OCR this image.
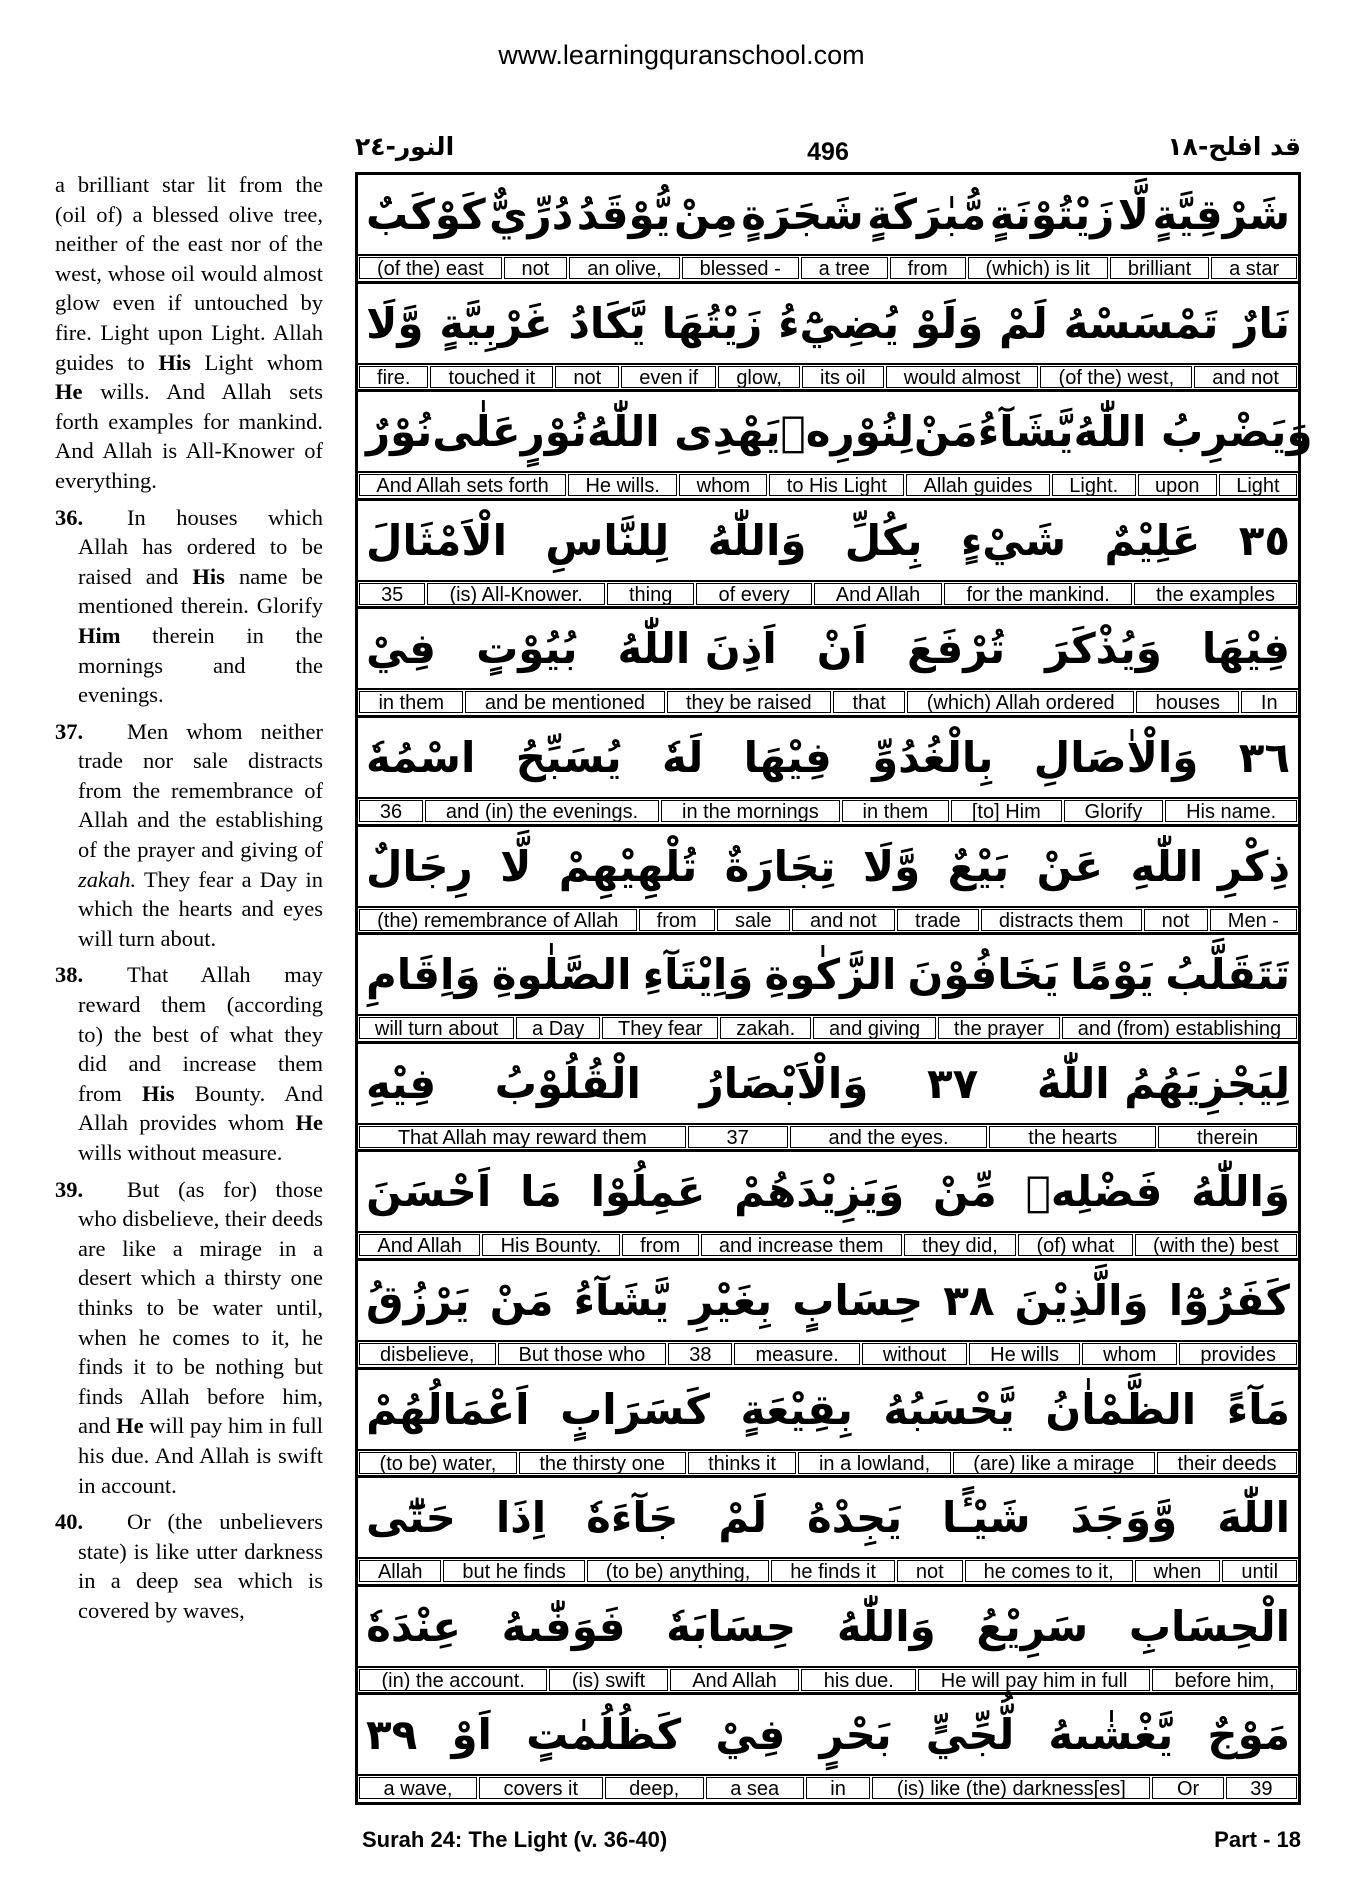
www.learningquranschool.com

a brilliant star lit from the (oil of) a blessed olive tree, neither of the east nor of the west, whose oil would almost glow even if untouched by fire. Light upon Light. Allah guides to His Light whom He wills. And Allah sets forth examples for mankind. And Allah is All-Knower of everything.

36. In houses which Allah has ordered to be raised and His name be mentioned therein. Glorify Him therein in the mornings and the evenings.

37. Men whom neither trade nor sale distracts from the remembrance of Allah and the establishing of the prayer and giving of zakah. They fear a Day in which the hearts and eyes will turn about.

38. That Allah may reward them (according to) the best of what they did and increase them from His Bounty. And Allah provides whom He wills without measure.

39. But (as for) those who disbelieve, their deeds are like a mirage in a desert which a thirsty one thinks to be water until, when he comes to it, he finds it to be nothing but finds Allah before him, and He will pay him in full his due. And Allah is swift in account.

40. Or (the unbelievers state) is like utter darkness in a deep sea which is covered by waves,

النور-٢٤	496	قد افلح-١٨
كَوْكَبٌ دُرِّيٌّ يُّوْقَدُ مِنْ شَجَرَةٍ مُّبٰرَكَةٍ زَيْتُوْنَةٍ لَّا شَرْقِيَّةٍ
(of the) east	not	an olive,	blessed -	a tree	from	(which) is lit	brilliant	a star
وَّلَا غَرْبِيَّةٍ يَّكَادُ زَيْتُهَا يُضِيْٓءُ وَلَوْ لَمْ تَمْسَسْهُ نَارٌ
fire.	touched it	not	even if	glow,	its oil	would almost	(of the) west,	and not
نُوْرٌ عَلٰى نُوْرٍ يَهْدِى اللّٰهُ لِنُوْرِهٖ مَنْ يَّشَآءُ وَيَضْرِبُ اللّٰهُ
And Allah sets forth	He wills.	whom	to His Light	Allah guides	Light.	upon	Light
الْاَمْثَالَ لِلنَّاسِ وَاللّٰهُ بِكُلِّ شَيْءٍ عَلِيْمٌ ٣٥
35	(is) All-Knower.	thing	of every	And Allah	for the mankind.	the examples
فِيْ بُيُوْتٍ اَذِنَ اللّٰهُ اَنْ تُرْفَعَ وَيُذْكَرَ فِيْهَا
in them	and be mentioned	they be raised	that	(which) Allah ordered	houses	In
اسْمُهٗ يُسَبِّحُ لَهٗ فِيْهَا بِالْغُدُوِّ وَالْاٰصَالِ ٣٦
36	and (in) the evenings.	in the mornings	in them	[to] Him	Glorify	His name.
رِجَالٌ لَّا تُلْهِيْهِمْ تِجَارَةٌ وَّلَا بَيْعٌ عَنْ ذِكْرِ اللّٰهِ
(the) remembrance of Allah	from	sale	and not	trade	distracts them	not	Men -
وَاِقَامِ الصَّلٰوةِ وَاِيْتَآءِ الزَّكٰوةِ يَخَافُوْنَ يَوْمًا تَتَقَلَّبُ
will turn about	a Day	They fear	zakah.	and giving	the prayer	and (from) establishing
فِيْهِ الْقُلُوْبُ وَالْاَبْصَارُ ٣٧ لِيَجْزِيَهُمُ اللّٰهُ
That Allah may reward them	37	and the eyes.	the hearts	therein
اَحْسَنَ مَا عَمِلُوْا وَيَزِيْدَهُمْ مِّنْ فَضْلِهٖ وَاللّٰهُ
And Allah	His Bounty.	from	and increase them	they did,	(of) what	(with the) best
يَرْزُقُ مَنْ يَّشَآءُ بِغَيْرِ حِسَابٍ ٣٨ وَالَّذِيْنَ كَفَرُوْٓا
disbelieve,	But those who	38	measure.	without	He wills	whom	provides
اَعْمَالُهُمْ كَسَرَابٍ بِقِيْعَةٍ يَّحْسَبُهُ الظَّمْاٰنُ مَآءً
(to be) water,	the thirsty one	thinks it	in a lowland,	(are) like a mirage	their deeds
حَتّٰٓى اِذَا جَآءَهٗ لَمْ يَجِدْهُ شَيْـًٔا وَّوَجَدَ اللّٰهَ
Allah	but he finds	(to be) anything,	he finds it	not	he comes to it,	when	until
عِنْدَهٗ فَوَفّٰىهُ حِسَابَهٗ وَاللّٰهُ سَرِيْعُ الْحِسَابِ
(in) the account.	(is) swift	And Allah	his due.	He will pay him in full	before him,
٣٩ اَوْ كَظُلُمٰتٍ فِيْ بَحْرٍ لُّجِّيٍّ يَّغْشٰىهُ مَوْجٌ
a wave,	covers it	deep,	a sea	in	(is) like (the) darkness[es]	Or	39
Surah 24: The Light (v. 36-40)	Part - 18
